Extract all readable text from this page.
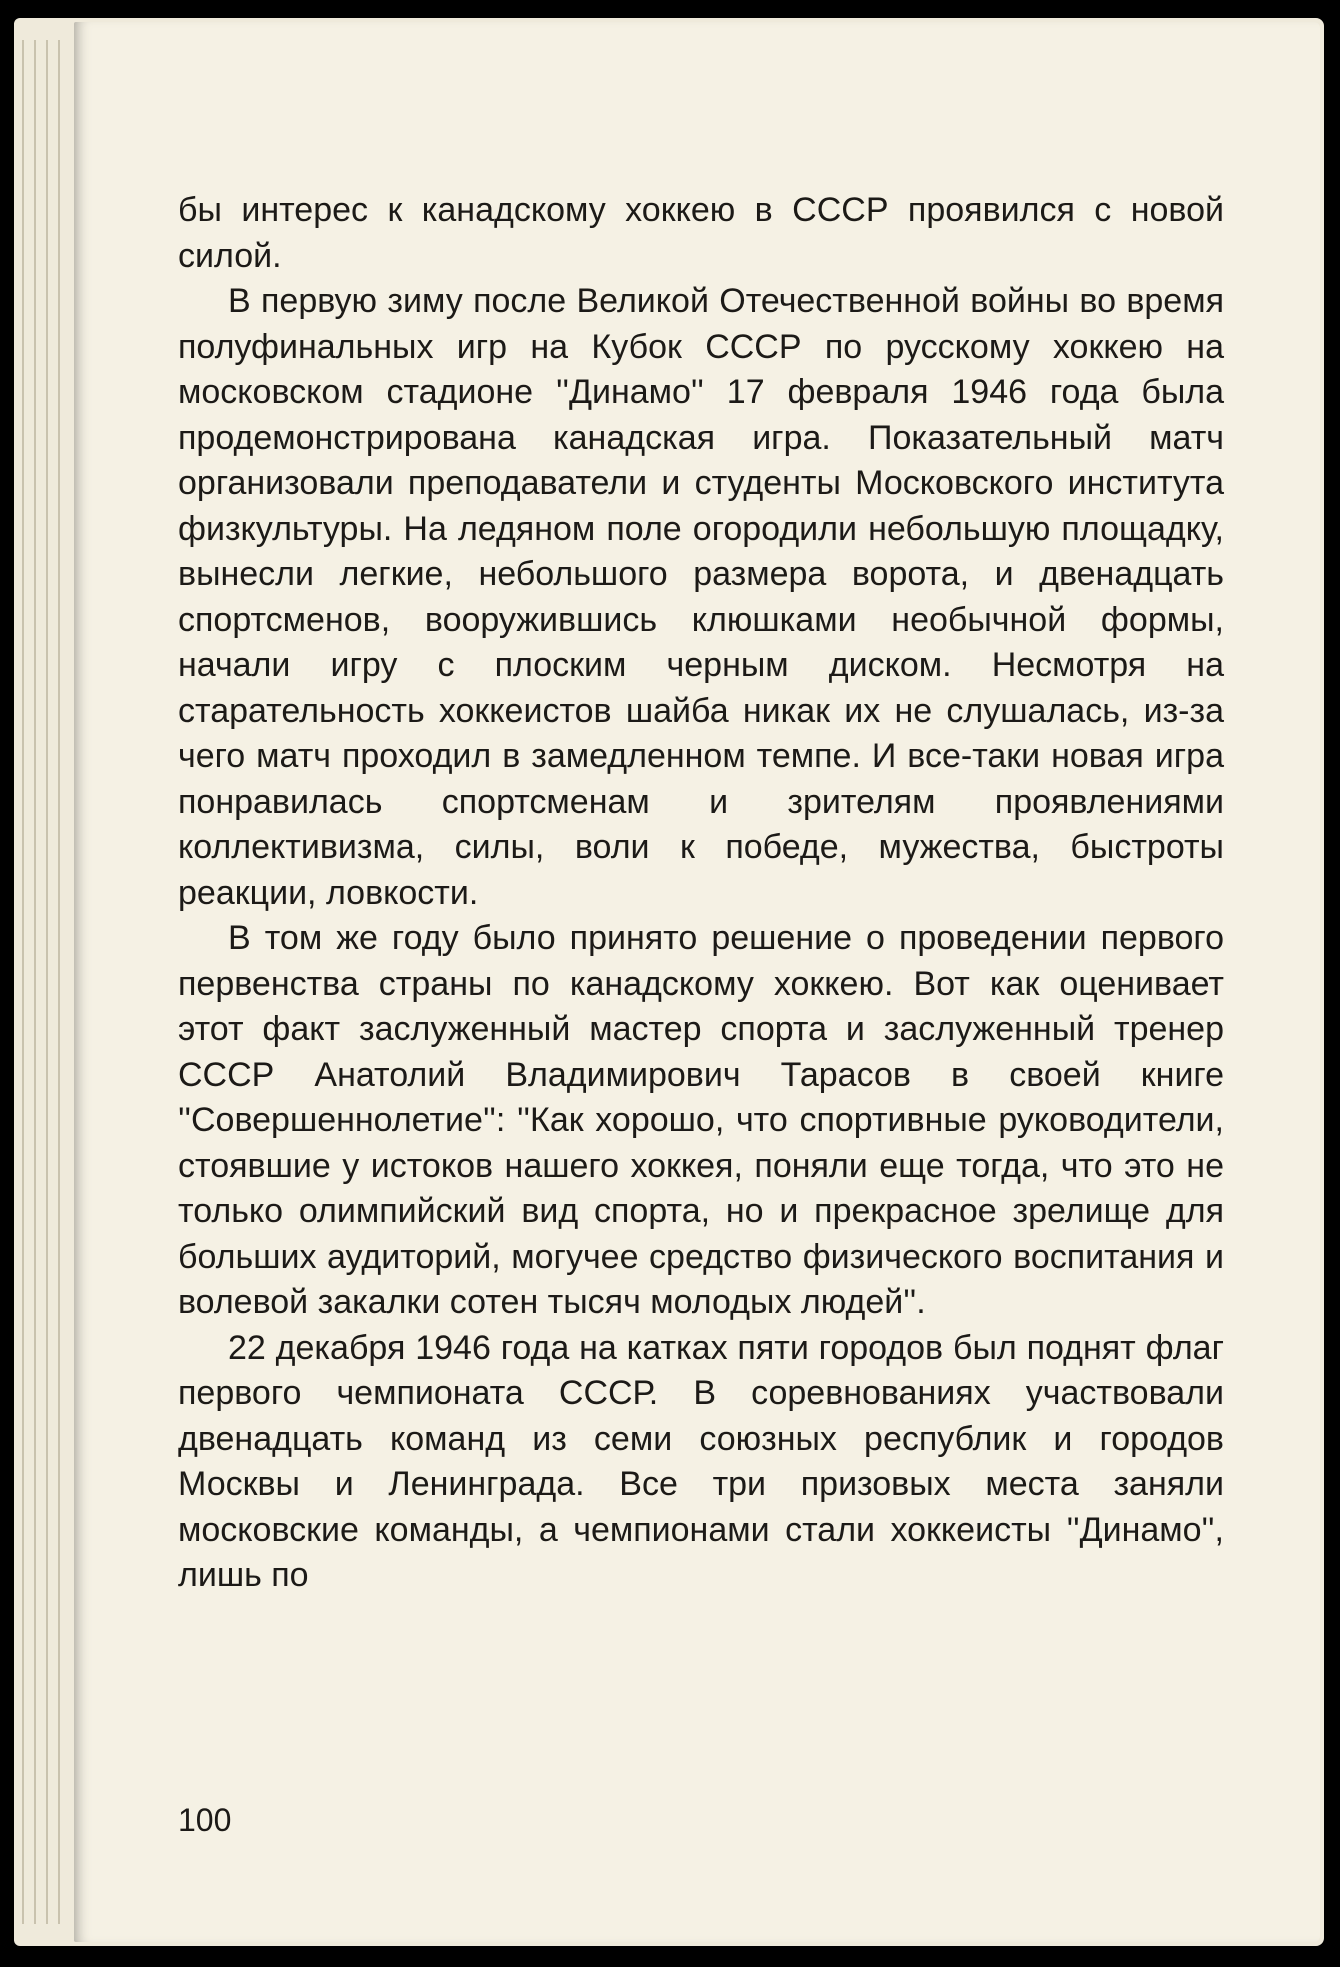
бы интерес к канадскому хоккею в СССР проявился с новой силой.

В первую зиму после Великой Отечественной войны во время полуфинальных игр на Кубок СССР по русскому хоккею на московском стадионе ''Динамо'' 17 февраля 1946 года была продемонстрирована канадская игра. Показательный матч организовали преподаватели и студенты Московского института физкультуры. На ледяном поле огородили небольшую площадку, вынесли легкие, небольшого размера ворота, и двенадцать спортсменов, вооружившись клюшками необычной формы, начали игру с плоским черным диском. Несмотря на старательность хоккеистов шайба никак их не слушалась, из-за чего матч проходил в замедленном темпе. И все-таки новая игра понравилась спортсменам и зрителям проявлениями коллективизма, силы, воли к победе, мужества, быстроты реакции, ловкости.

В том же году было принято решение о проведении первого первенства страны по канадскому хоккею. Вот как оценивает этот факт заслуженный мастер спорта и заслуженный тренер СССР Анатолий Владимирович Тарасов в своей книге ''Совершеннолетие'': ''Как хорошо, что спортивные руководители, стоявшие у истоков нашего хоккея, поняли еще тогда, что это не только олимпийский вид спорта, но и прекрасное зрелище для больших аудиторий, могучее средство физического воспитания и волевой закалки сотен тысяч молодых людей''.

22 декабря 1946 года на катках пяти городов был поднят флаг первого чемпионата СССР. В соревнованиях участвовали двенадцать команд из семи союзных республик и городов Москвы и Ленинграда. Все три призовых места заняли московские команды, а чемпионами стали хоккеисты ''Динамо'', лишь по

100
